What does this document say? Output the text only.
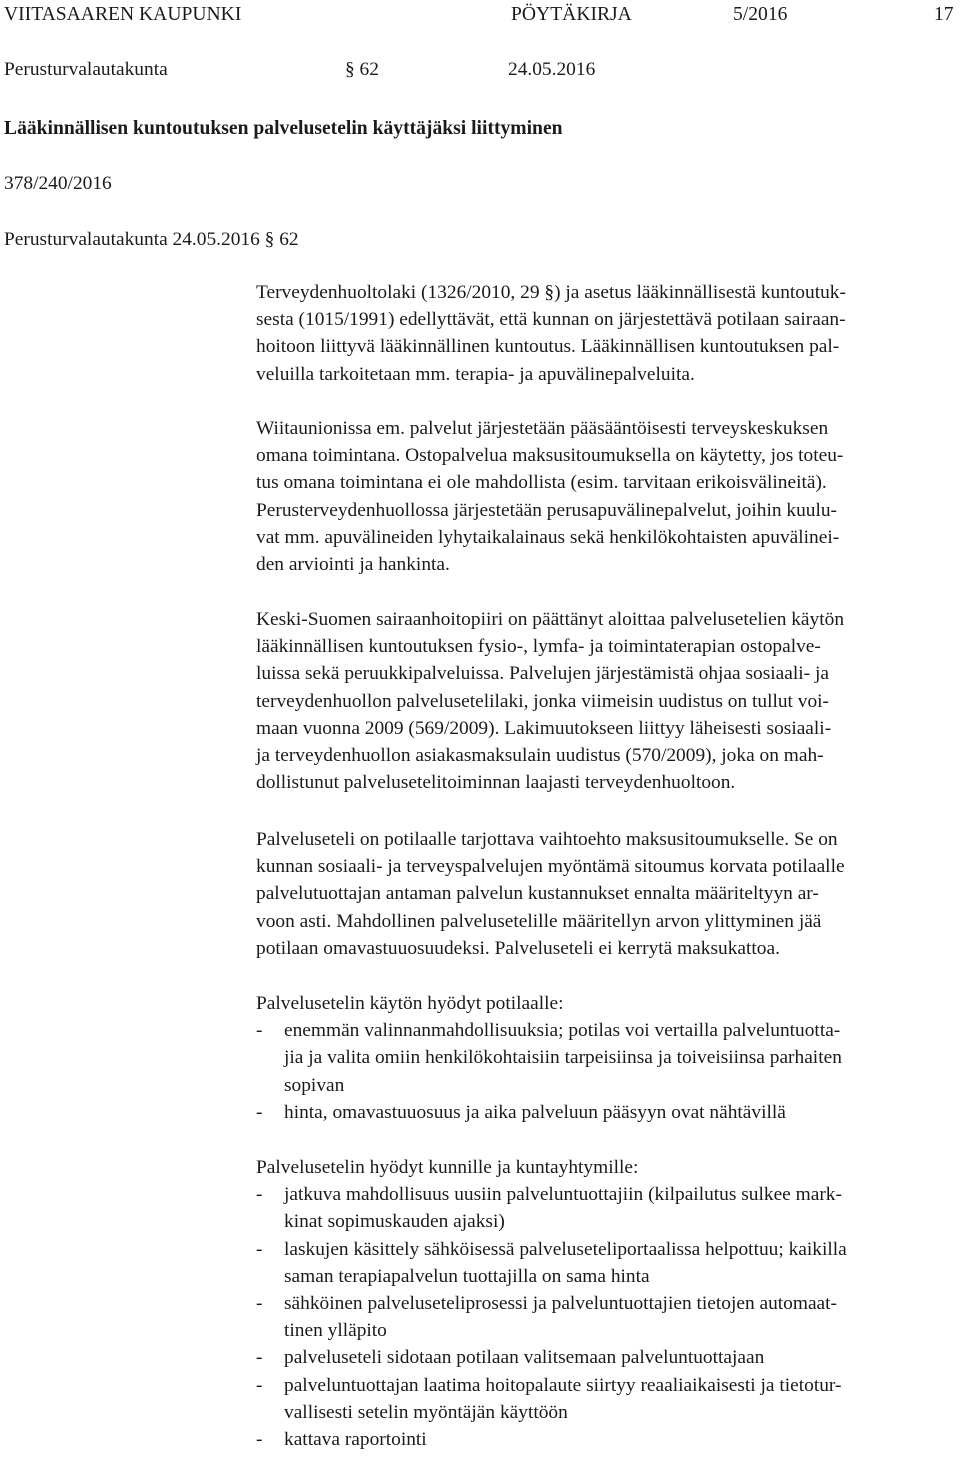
VIITASAAREN KAUPUNKI	PÖYTÄKIRJA	5/2016	17
Perusturvalautakunta	§ 62	24.05.2016
Lääkinnällisen kuntoutuksen palvelusetelin käyttäjäksi liittyminen
378/240/2016
Perusturvalautakunta 24.05.2016 § 62
Terveydenhuoltolaki (1326/2010, 29 §) ja asetus lääkinnällisestä kuntoutuk-
sesta (1015/1991) edellyttävät, että kunnan on järjestettävä potilaan sairaan-
hoitoon liittyvä lääkinnällinen kuntoutus. Lääkinnällisen kuntoutuksen pal-
veluilla tarkoitetaan mm. terapia- ja apuvälinepalveluita.
Wiitaunionissa em. palvelut järjestetään pääsääntöisesti terveyskeskuksen
omana toimintana. Ostopalvelua maksusitoumuksella on käytetty, jos toteu-
tus omana toimintana ei ole mahdollista (esim. tarvitaan erikoisvälineitä).
Perusterveydenhuollossa järjestetään perusapuvälinepalvelut, joihin kuulu-
vat mm. apuvälineiden lyhytaikalainaus sekä henkilökohtaisten apuvälinei-
den arviointi ja hankinta.
Keski-Suomen sairaanhoitopiiri on päättänyt aloittaa palvelusetelien käytön
lääkinnällisen kuntoutuksen fysio-, lymfa- ja toimintaterapian ostopalve-
luissa sekä peruukkipalveluissa. Palvelujen järjestämistä ohjaa sosiaali- ja
terveydenhuollon palvelusetelilaki, jonka viimeisin uudistus on tullut voi-
maan vuonna 2009 (569/2009). Lakimuutokseen liittyy läheisesti sosiaali-
ja terveydenhuollon asiakasmaksulain uudistus (570/2009), joka on mah-
dollistunut palvelusetelitoiminnan laajasti terveydenhuoltoon.
Palveluseteli on potilaalle tarjottava vaihtoehto maksusitoumukselle. Se on
kunnan sosiaali- ja terveyspalvelujen myöntämä sitoumus korvata potilaalle
palvelutuottajan antaman palvelun kustannukset ennalta määriteltyyn ar-
voon asti. Mahdollinen palvelusetelille määritellyn arvon ylittyminen jää
potilaan omavastuuosuudeksi. Palveluseteli ei kerrytä maksukattoa.
Palvelusetelin käytön hyödyt potilaalle:
- enemmän valinnanmahdollisuuksia; potilas voi vertailla palveluntuotta-
jia ja valita omiin henkilökohtaisiin tarpeisiinsa ja toiveisiinsa parhaiten
sopivan
- hinta, omavastuuosuus ja aika palveluun pääsyyn ovat nähtävillä
Palvelusetelin hyödyt kunnille ja kuntayhtymille:
- jatkuva mahdollisuus uusiin palveluntuottajiin (kilpailutus sulkee mark-
kinat sopimuskauden ajaksi)
- laskujen käsittely sähköisessä palveluseteliportaalissa helpottuu; kaikilla
saman terapiapalvelun tuottajilla on sama hinta
- sähköinen palveluseteliprosessi ja palveluntuottajien tietojen automaat-
tinen ylläpito
- palveluseteli sidotaan potilaan valitsemaan palveluntuottajaan
- palveluntuottajan laatima hoitopalaute siirtyy reaaliaikaisesti ja tietotur-
vallisesti setelin myöntäjän käyttöön
- kattava raportointi
